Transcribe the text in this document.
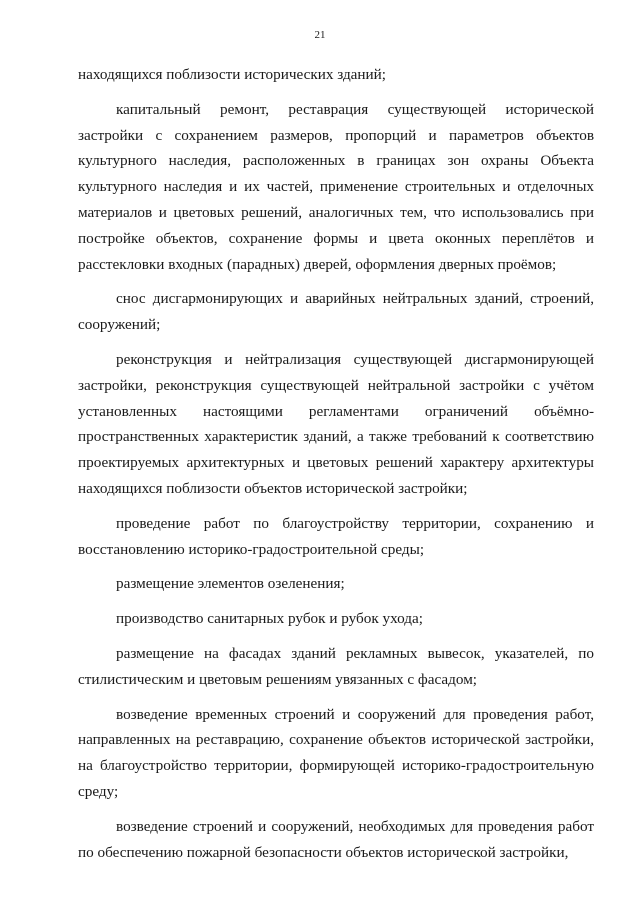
21

находящихся поблизости исторических зданий;

капитальный ремонт, реставрация существующей исторической застройки с сохранением размеров, пропорций и параметров объектов культурного наследия, расположенных в границах зон охраны Объекта культурного наследия и их частей, применение строительных и отделочных материалов и цветовых решений, аналогичных тем, что использовались при постройке объектов, сохранение формы и цвета оконных переплётов и расстекловки входных (парадных) дверей, оформления дверных проёмов;

снос дисгармонирующих и аварийных нейтральных зданий, строений, сооружений;

реконструкция и нейтрализация существующей дисгармонирующей застройки, реконструкция существующей нейтральной застройки с учётом установленных настоящими регламентами ограничений объёмно-пространственных характеристик зданий, а также требований к соответствию проектируемых архитектурных и цветовых решений характеру архитектуры находящихся поблизости объектов исторической застройки;

проведение работ по благоустройству территории, сохранению и восстановлению историко-градостроительной среды;

размещение элементов озеленения;

производство санитарных рубок и рубок ухода;

размещение на фасадах зданий рекламных вывесок, указателей, по стилистическим и цветовым решениям увязанных с фасадом;

возведение временных строений и сооружений для проведения работ, направленных на реставрацию, сохранение объектов исторической застройки, на благоустройство территории, формирующей историко-градостроительную среду;

возведение строений и сооружений, необходимых для проведения работ по обеспечению пожарной безопасности объектов исторической застройки,
